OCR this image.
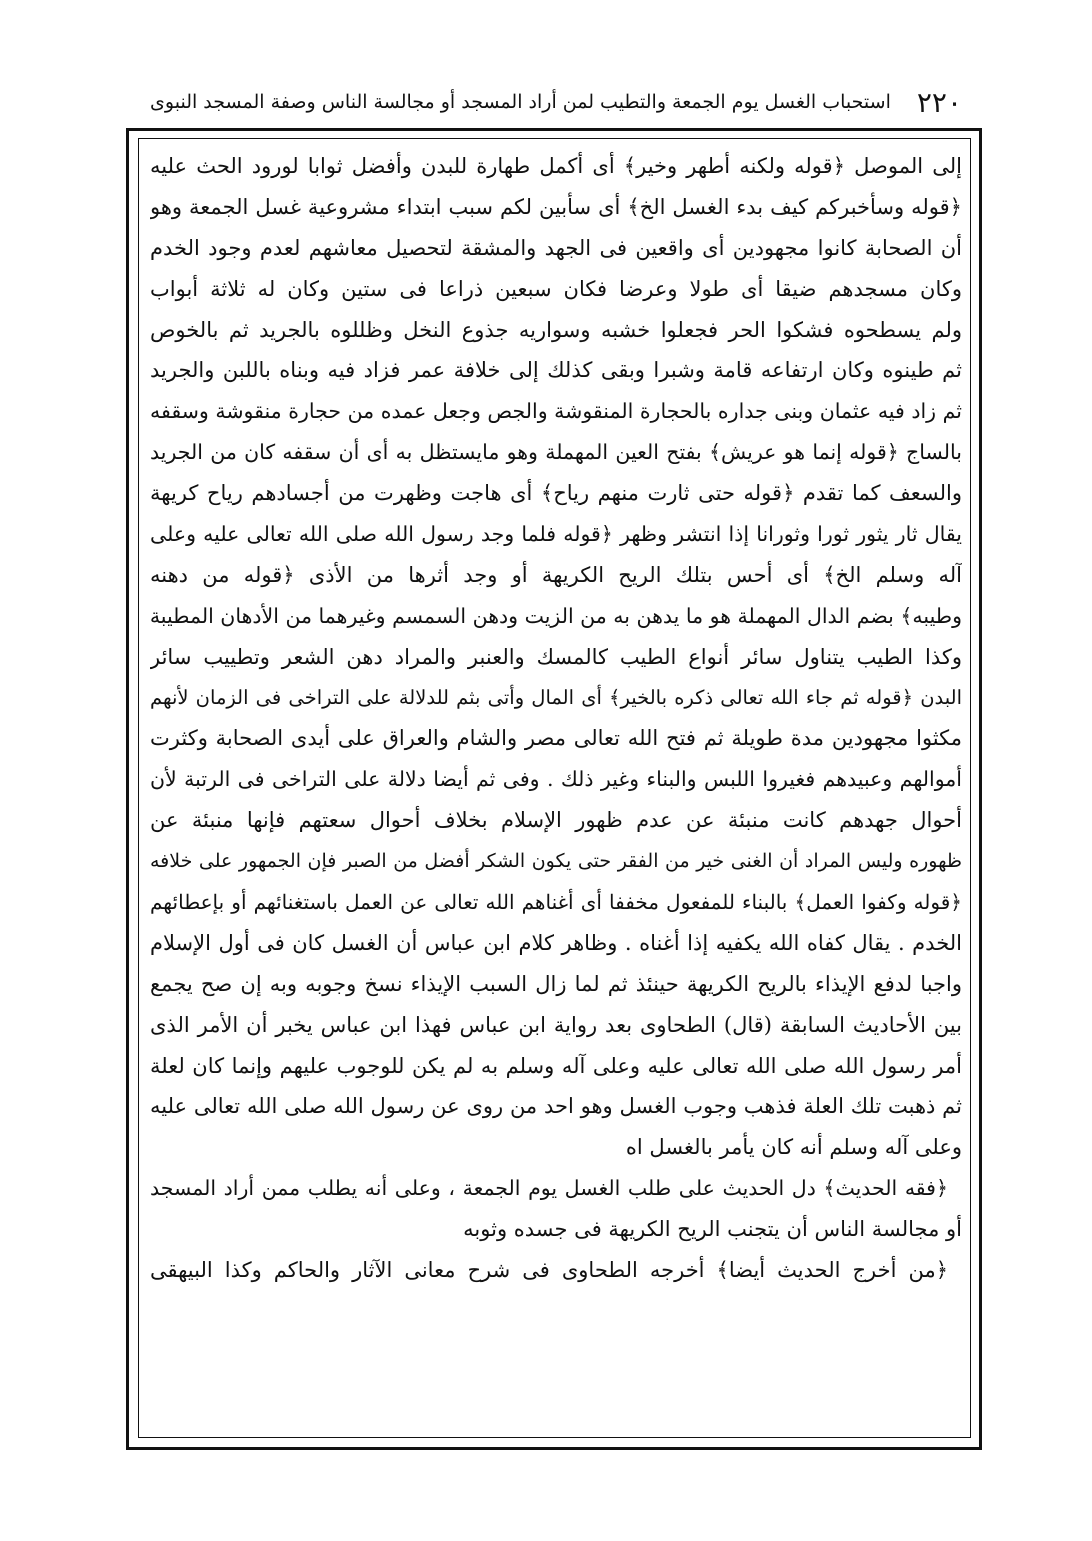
٢٢٠
استحباب الغسل يوم الجمعة والتطيب لمن أراد المسجد أو مجالسة الناس وصفة المسجد النبوى
إلى الموصل ﴿قوله ولكنه أطهر وخير﴾ أى أكمل طهارة للبدن وأفضل ثوابا لورود الحث عليه
﴿قوله وسأخبركم كيف بدء الغسل الخ﴾ أى سأبين لكم سبب ابتداء مشروعية غسل الجمعة وهو
أن الصحابة كانوا مجهودين أى واقعين فى الجهد والمشقة لتحصيل معاشهم لعدم وجود الخدم
وكان مسجدهم ضيقا أى طولا وعرضا فكان سبعين ذراعا فى ستين وكان له ثلاثة أبواب
ولم يسطحوه فشكوا الحر فجعلوا خشبه وسواريه جذوع النخل وظللوه بالجريد ثم بالخوص
ثم طينوه وكان ارتفاعه قامة وشبرا وبقى كذلك إلى خلافة عمر فزاد فيه وبناه باللبن والجريد
ثم زاد فيه عثمان وبنى جداره بالحجارة المنقوشة والجص وجعل عمده من حجارة منقوشة وسقفه
بالساج ﴿قوله إنما هو عريش﴾ بفتح العين المهملة وهو مايستظل به أى أن سقفه كان من الجريد
والسعف كما تقدم ﴿قوله حتى ثارت منهم رياح﴾ أى هاجت وظهرت من أجسادهم رياح كريهة
يقال ثار يثور ثورا وثورانا إذا انتشر وظهر ﴿قوله فلما وجد رسول الله صلى الله تعالى عليه وعلى
آله وسلم الخ﴾ أى أحس بتلك الريح الكريهة أو وجد أثرها من الأذى ﴿قوله من دهنه
وطيبه﴾ بضم الدال المهملة هو ما يدهن به من الزيت ودهن السمسم وغيرهما من الأدهان المطيبة
وكذا الطيب يتناول سائر أنواع الطيب كالمسك والعنبر والمراد دهن الشعر وتطييب سائر
البدن ﴿قوله ثم جاء الله تعالى ذكره بالخير﴾ أى المال وأتى بثم للدلالة على التراخى فى الزمان لأنهم
مكثوا مجهودين مدة طويلة ثم فتح الله تعالى مصر والشام والعراق على أيدى الصحابة وكثرت
أموالهم وعبيدهم فغيروا اللبس والبناء وغير ذلك . وفى ثم أيضا دلالة على التراخى فى الرتبة لأن
أحوال جهدهم كانت منبئة عن عدم ظهور الإسلام بخلاف أحوال سعتهم فإنها منبئة عن
ظهوره وليس المراد أن الغنى خير من الفقر حتى يكون الشكر أفضل من الصبر فإن الجمهور على خلافه
﴿قوله وكفوا العمل﴾ بالبناء للمفعول مخففا أى أغناهم الله تعالى عن العمل باستغنائهم أو بإعطائهم
الخدم . يقال كفاه الله يكفيه إذا أغناه . وظاهر كلام ابن عباس أن الغسل كان فى أول الإسلام
واجبا لدفع الإيذاء بالريح الكريهة حينئذ ثم لما زال السبب الإيذاء نسخ وجوبه وبه إن صح يجمع
بين الأحاديث السابقة (قال) الطحاوى بعد رواية ابن عباس فهذا ابن عباس يخبر أن الأمر الذى
أمر رسول الله صلى الله تعالى عليه وعلى آله وسلم به لم يكن للوجوب عليهم وإنما كان لعلة
ثم ذهبت تلك العلة فذهب وجوب الغسل وهو احد من روى عن رسول الله صلى الله تعالى عليه
وعلى آله وسلم أنه كان يأمر بالغسل اه
﴿فقه الحديث﴾ دل الحديث على طلب الغسل يوم الجمعة ، وعلى أنه يطلب ممن أراد المسجد
أو مجالسة الناس أن يتجنب الريح الكريهة فى جسده وثوبه
﴿من أخرج الحديث أيضا﴾ أخرجه الطحاوى فى شرح معانى الآثار والحاكم وكذا البيهقى
